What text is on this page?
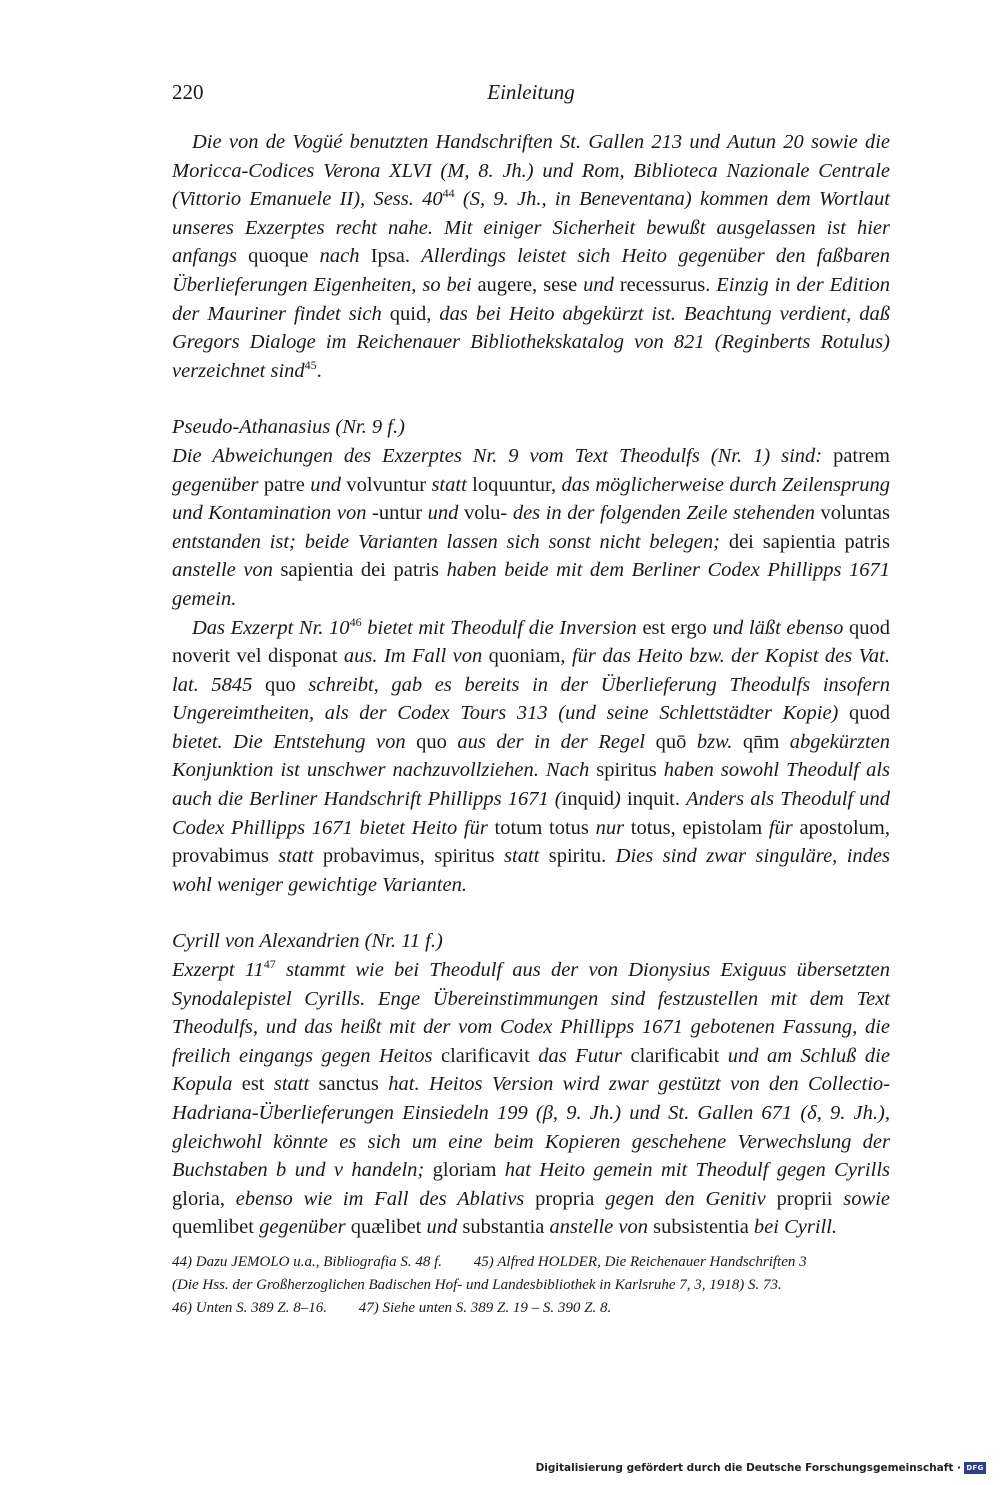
220	Einleitung

Die von de Vogüé benutzten Handschriften St. Gallen 213 und Autun 20 sowie die Moricca-Codices Verona XLVI (M, 8. Jh.) und Rom, Biblioteca Nazionale Centrale (Vittorio Emanuele II), Sess. $40^{44}$ (S, 9. Jh., in Beneventana) kommen dem Wortlaut unseres Exzerptes recht nahe. Mit einiger Sicherheit bewußt ausgelassen ist hier anfangs quoque nach Ipsa. Allerdings leistet sich Heito gegenüber den faßbaren Überlieferungen Eigenheiten, so bei augere, sese und recessurus. Einzig in der Edition der Mauriner findet sich quid, das bei Heito abgekürzt ist. Beachtung verdient, daß Gregors Dialoge im Reichenauer Bibliothekskatalog von 821 (Reginberts Rotulus) verzeichnet sind$^{45}$.

Pseudo-Athanasius (Nr. 9 f.)

Die Abweichungen des Exzerptes Nr. 9 vom Text Theodulfs (Nr. 1) sind: patrem gegenüber patre und volvuntur statt loquuntur, das möglicherweise durch Zeilensprung und Kontamination von -untur und volu- des in der folgenden Zeile stehenden voluntas entstanden ist; beide Varianten lassen sich sonst nicht belegen; dei sapientia patris anstelle von sapientia dei patris haben beide mit dem Berliner Codex Phillipps 1671 gemein.

Das Exzerpt Nr. $10^{46}$ bietet mit Theodulf die Inversion est ergo und läßt ebenso quod noverit vel disponat aus. Im Fall von quoniam, für das Heito bzw. der Kopist des Vat. lat. 5845 quo schreibt, gab es bereits in der Überlieferung Theodulfs insofern Ungereimtheiten, als der Codex Tours 313 (und seine Schlettstädter Kopie) quod bietet. Die Entstehung von quo aus der in der Regel quō bzw. qn̄m abgekürzten Konjunktion ist unschwer nachzuvollziehen. Nach spiritus haben sowohl Theodulf als auch die Berliner Handschrift Phillipps 1671 (inquid) inquit. Anders als Theodulf und Codex Phillipps 1671 bietet Heito für totum totus nur totus, epistolam für apostolum, provabimus statt probavimus, spiritus statt spiritu. Dies sind zwar singuläre, indes wohl weniger gewichtige Varianten.

Cyrill von Alexandrien (Nr. 11 f.)

Exzerpt $11^{47}$ stammt wie bei Theodulf aus der von Dionysius Exiguus übersetzten Synodalepistel Cyrills. Enge Übereinstimmungen sind festzustellen mit dem Text Theodulfs, und das heißt mit der vom Codex Phillipps 1671 gebotenen Fassung, die freilich eingangs gegen Heitos clarificavit das Futur clarificabit und am Schluß die Kopula est statt sanctus hat. Heitos Version wird zwar gestützt von den Collectio-Hadriana-Überlieferungen Einsiedeln 199 (β, 9. Jh.) und St. Gallen 671 (δ, 9. Jh.), gleichwohl könnte es sich um eine beim Kopieren geschehene Verwechslung der Buchstaben b und v handeln; gloriam hat Heito gemein mit Theodulf gegen Cyrills gloria, ebenso wie im Fall des Ablativs propria gegen den Genitiv proprii sowie quemlibet gegenüber quælibet und substantia anstelle von subsistentia bei Cyrill.

44) Dazu JEMOLO u.a., Bibliografia S. 48 f. 45) Alfred HOLDER, Die Reichenauer Handschriften 3
(Die Hss. der Großherzoglichen Badischen Hof- und Landesbibliothek in Karlsruhe 7, 3, 1918) S. 73.
46) Unten S. 389 Z. 8–16. 47) Siehe unten S. 389 Z. 19 – S. 390 Z. 8.
Digitalisierung gefördert durch die Deutsche Forschungsgemeinschaft · DFG
